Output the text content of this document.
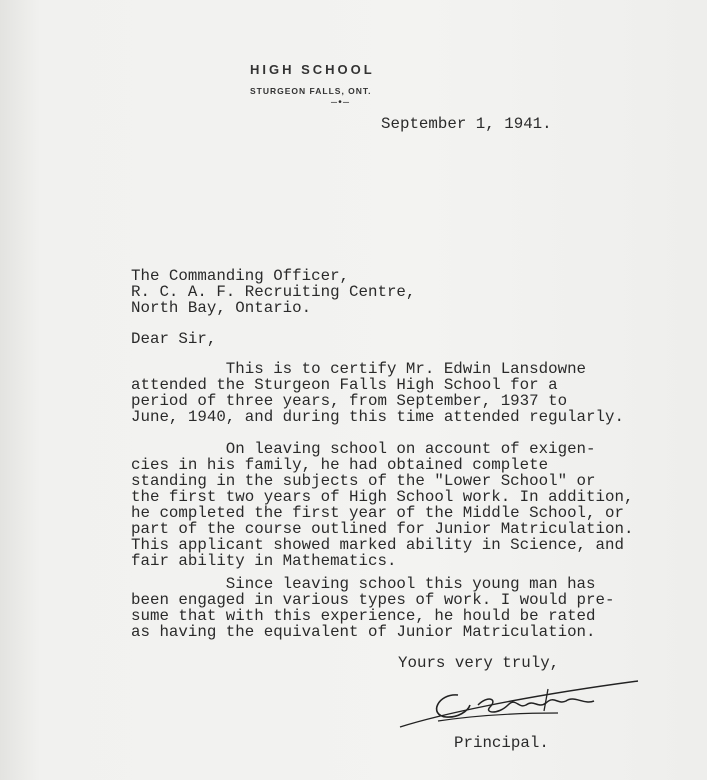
HIGH SCHOOL
STURGEON FALLS, ONT.
—•—
September 1, 1941.
The Commanding Officer,
R. C. A. F. Recruiting Centre,
North Bay, Ontario.
Dear Sir,
This is to certify Mr. Edwin Lansdowne
attended the Sturgeon Falls High School for a
period of three years, from September, 1937 to
June, 1940, and during this time attended regularly.
On leaving school on account of exigen-
cies in his family, he had obtained complete
standing in the subjects of the "Lower School" or
the first two years of High School work. In addition,
he completed the first year of the Middle School, or
part of the course outlined for Junior Matriculation.
This applicant showed marked ability in Science, and
fair ability in Mathematics.
Since leaving school this young man has
been engaged in various types of work. I would pre-
sume that with this experience, he hould be rated
as having the equivalent of Junior Matriculation.
Yours very truly,
Principal.
